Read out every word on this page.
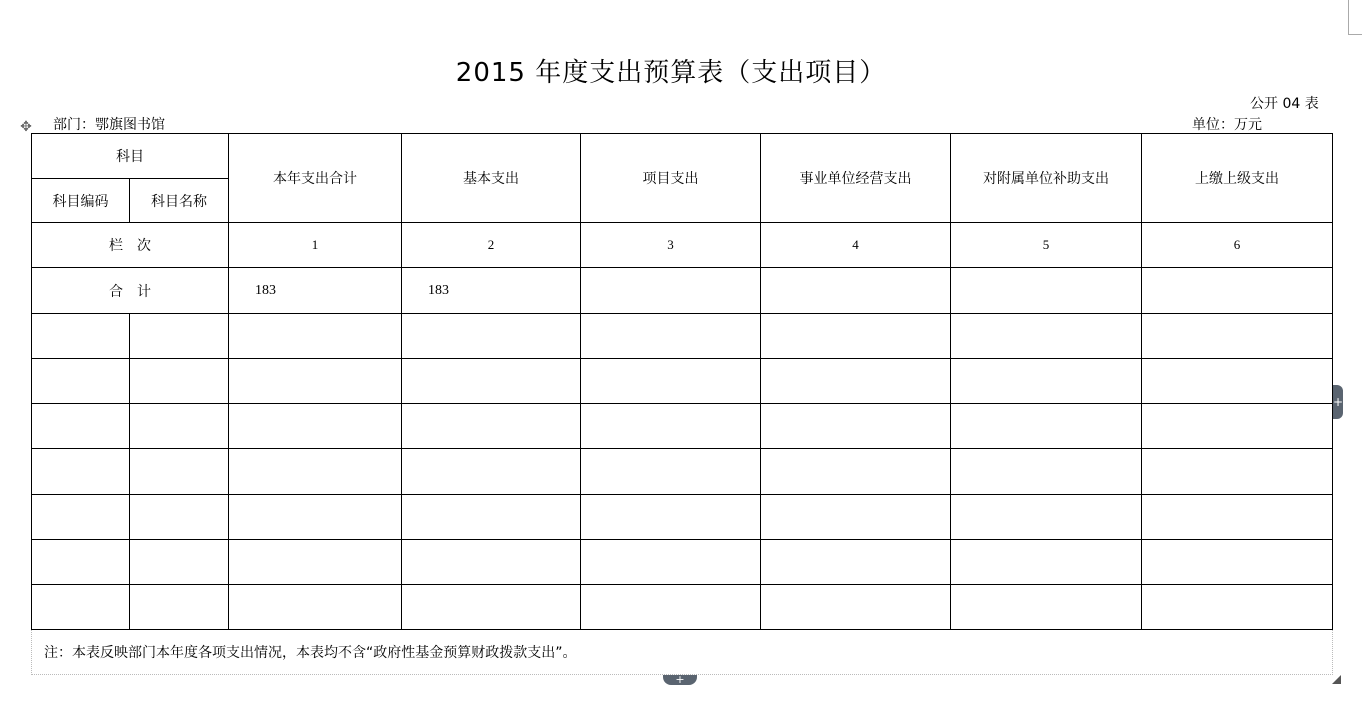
2015 年度支出预算表（支出项目）
公开 04 表
✥ 部门：鄂旗图书馆	单位：万元
科目		本年支出合计	基本支出	项目支出	事业单位经营支出	对附属单位补助支出	上缴上级支出
科目编码	科目名称						
栏　次		1	2	3	4	5	6
合　计		183	183				

注：本表反映部门本年度各项支出情况，本表均不含“政府性基金预算财政拨款支出”。
+
+
